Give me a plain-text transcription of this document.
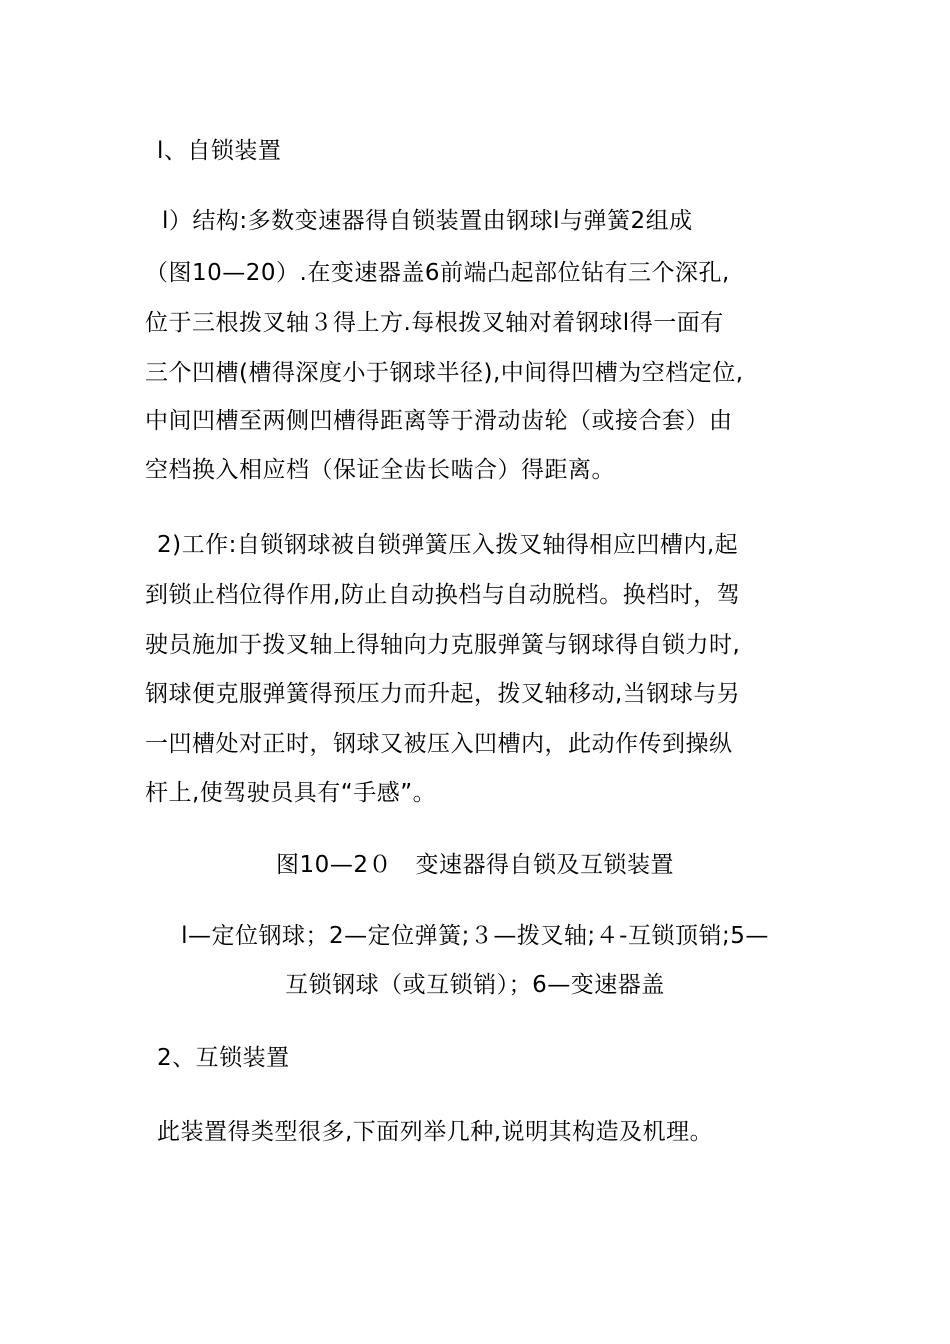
l、自锁装置

l）结构:多数变速器得自锁装置由钢球l与弹簧2组成

（图10—20）.在变速器盖6前端凸起部位钻有三个深孔,

位于三根拨叉轴３得上方.每根拨叉轴对着钢球l得一面有

三个凹槽(槽得深度小于钢球半径),中间得凹槽为空档定位,

中间凹槽至两侧凹槽得距离等于滑动齿轮（或接合套）由

空档换入相应档（保证全齿长啮合）得距离。

2)工作:自锁钢球被自锁弹簧压入拨叉轴得相应凹槽内,起

到锁止档位得作用,防止自动换档与自动脱档。换档时，驾

驶员施加于拨叉轴上得轴向力克服弹簧与钢球得自锁力时,

钢球便克服弹簧得预压力而升起，拨叉轴移动,当钢球与另

一凹槽处对正时，钢球又被压入凹槽内，此动作传到操纵

杆上,使驾驶员具有“手感”。

图10—2０　变速器得自锁及互锁装置

l—定位钢球；2—定位弹簧;３—拨叉轴;４-互锁顶销;5—

互锁钢球（或互锁销）；6—变速器盖

2、互锁装置

此装置得类型很多,下面列举几种,说明其构造及机理。
